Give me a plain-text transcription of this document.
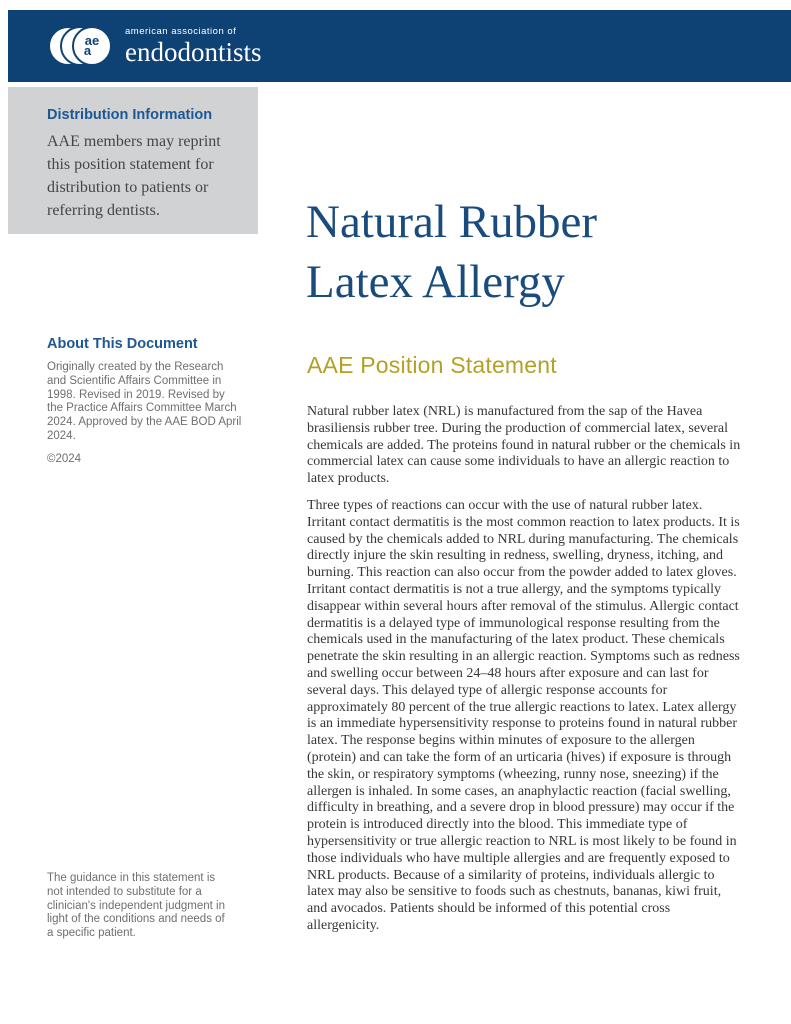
ae
a
american association of
endodontists
Distribution Information

AAE members may reprint this position statement for distribution to patients or referring dentists.

About This Document

Originally created by the Research and Scientific Affairs Committee in 1998. Revised in 2019. Revised by the Practice Affairs Committee March 2024. Approved by the AAE BOD April 2024.

©2024

The guidance in this statement is not intended to substitute for a clinician's independent judgment in light of the conditions and needs of a specific patient.

Natural Rubber
Latex Allergy
AAE Position Statement

Natural rubber latex (NRL) is manufactured from the sap of the Havea brasiliensis rubber tree. During the production of commercial latex, several chemicals are added. The proteins found in natural rubber or the chemicals in commercial latex can cause some individuals to have an allergic reaction to latex products.

Three types of reactions can occur with the use of natural rubber latex. Irritant contact dermatitis is the most common reaction to latex products. It is caused by the chemicals added to NRL during manufacturing. The chemicals directly injure the skin resulting in redness, swelling, dryness, itching, and burning. This reaction can also occur from the powder added to latex gloves. Irritant contact dermatitis is not a true allergy, and the symptoms typically disappear within several hours after removal of the stimulus. Allergic contact dermatitis is a delayed type of immunological response resulting from the chemicals used in the manufacturing of the latex product. These chemicals penetrate the skin resulting in an allergic reaction. Symptoms such as redness and swelling occur between 24–48 hours after exposure and can last for several days. This delayed type of allergic response accounts for approximately 80 percent of the true allergic reactions to latex. Latex allergy is an immediate hypersensitivity response to proteins found in natural rubber latex. The response begins within minutes of exposure to the allergen (protein) and can take the form of an urticaria (hives) if exposure is through the skin, or respiratory symptoms (wheezing, runny nose, sneezing) if the allergen is inhaled. In some cases, an anaphylactic reaction (facial swelling, difficulty in breathing, and a severe drop in blood pressure) may occur if the protein is introduced directly into the blood. This immediate type of hypersensitivity or true allergic reaction to NRL is most likely to be found in those individuals who have multiple allergies and are frequently exposed to NRL products. Because of a similarity of proteins, individuals allergic to latex may also be sensitive to foods such as chestnuts, bananas, kiwi fruit, and avocados. Patients should be informed of this potential cross allergenicity.
